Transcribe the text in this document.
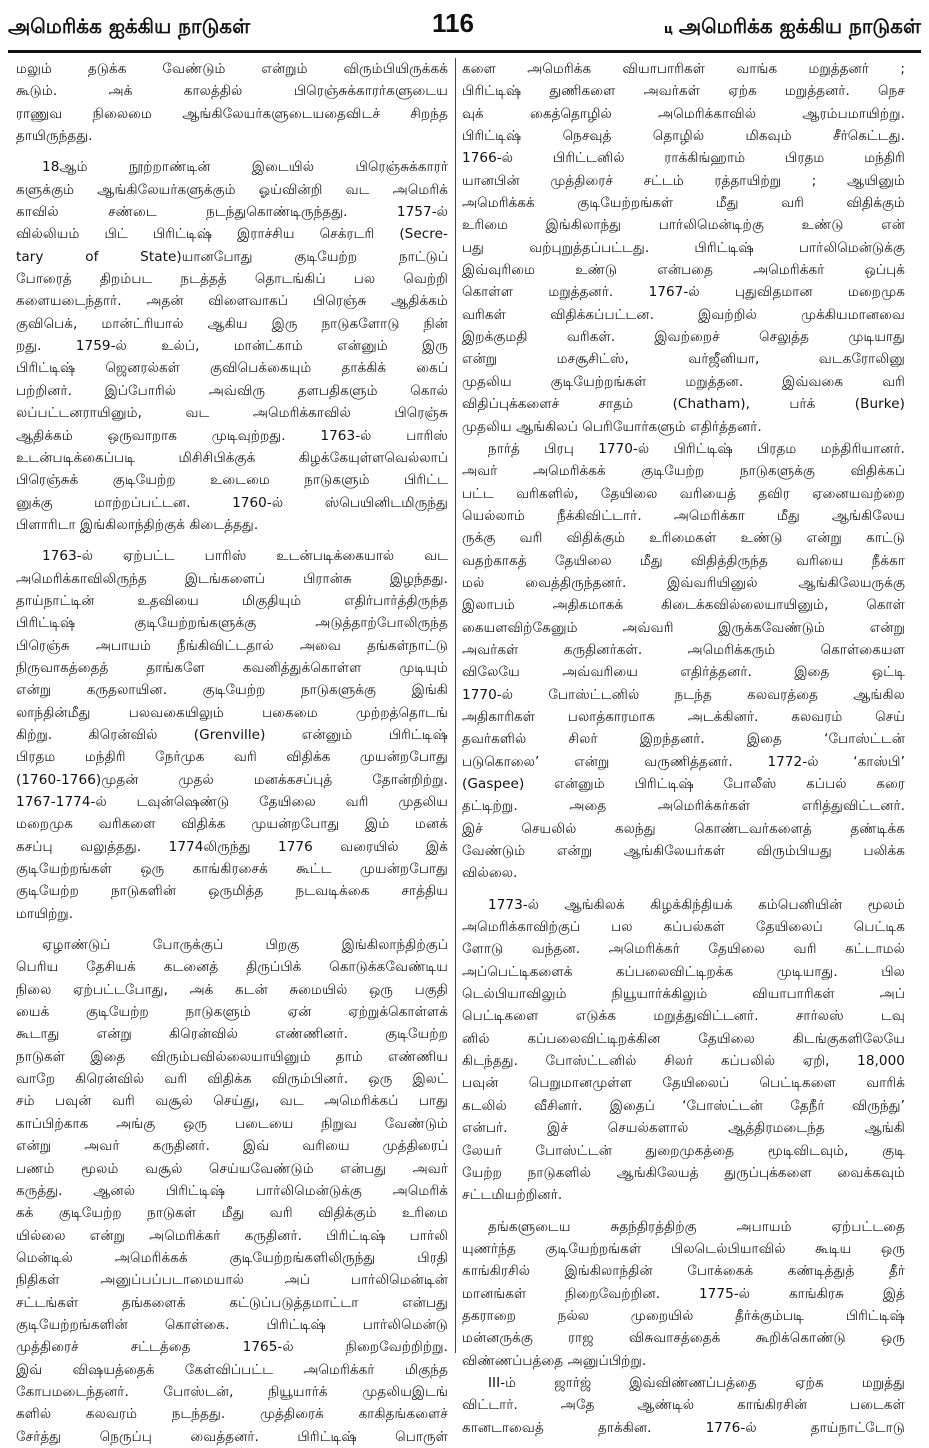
அமெரிக்க ஐக்கிய நாடுகள்	116	ц அமெரிக்க ஐக்கிய நாடுகள்
மலும் தடுக்க வேண்டும் என்றும் விரும்பியிருக்கக்
கூடும். அக் காலத்தில் பிரெஞ்சுக்காரர்களுடைய
ராணுவ நிலைமை ஆங்கிலேயர்களுடையதைவிடச் சிறந்த
தாயிருந்தது.
18ஆம் நூற்றாண்டின் இடையில் பிரெஞ்சுக்காரர்
களுக்கும் ஆங்கிலேயர்களுக்கும் ஓய்வின்றி வட அமெரிக்
காவில் சண்டை நடந்துகொண்டிருந்தது. 1757-ல்
வில்லியம் பிட் பிரிட்டிஷ் இராச்சிய செக்ரடரி (Secre-
tary of State)யானபோது குடியேற்ற நாட்டுப்
போரைத் திறம்பட நடத்தத் தொடங்கிப் பல வெற்றி
களையடைந்தார். அதன் விளைவாகப் பிரெஞ்சு ஆதிக்கம்
குவிபெக், மான்ட்ரியால் ஆகிய இரு நாடுகளோடு நின்
றது. 1759-ல் உல்ப், மான்ட்காம் என்னும் இரு
பிரிட்டிஷ் ஜெனரல்கள் குவிபெக்கையும் தாக்கிக் கைப்
பற்றினர். இப்போரில் அவ்விரு தளபதிகளும் கொல்
லப்பட்டனராயினும், வட அமெரிக்காவில் பிரெஞ்சு
ஆதிக்கம் ஒருவாறாக முடிவுற்றது. 1763-ல் பாரிஸ்
உடன்படிக்கைப்படி மிசிசிபிக்குக் கிழக்கேயுள்ளவெல்லாப்
பிரெஞ்சுக் குடியேற்ற உடைமை நாடுகளும் பிரிட்ட
னுக்கு மாற்றப்பட்டன. 1760-ல் ஸ்பெயினிடமிருந்து
பிளாரிடா இங்கிலாந்திற்குக் கிடைத்தது.
1763-ல் ஏற்பட்ட பாரிஸ் உடன்படிக்கையால் வட
அமெரிக்காவிலிருந்த இடங்களைப் பிரான்சு இழந்தது.
தாய்நாட்டின் உதவியை மிகுதியும் எதிர்பார்த்திருந்த
பிரிட்டிஷ் குடியேற்றங்களுக்கு அடுத்தாற்போலிருந்த
பிரெஞ்சு அபாயம் நீங்கிவிட்டதால் அவை தங்கள்நாட்டு
நிருவாகத்தைத் தாங்களே கவனித்துக்கொள்ள முடியும்
என்று கருதலாயின. குடியேற்ற நாடுகளுக்கு இங்கி
லாந்தின்மீது பலவகையிலும் பகைமை முற்றத்தொடங்
கிற்று. கிரென்வில் (Grenville) என்னும் பிரிட்டிஷ்
பிரதம மந்திரி நேர்முக வரி விதிக்க முயன்றபோது
(1760-1766)முதன் முதல் மனக்கசப்புத் தோன்றிற்று.
1767-1774-ல் டவுன்ஷெண்டு தேயிலை வரி முதலிய
மறைமுக வரிகளை விதிக்க முயன்றபோது இம் மனக்
கசப்பு வலுத்தது. 1774லிருந்து 1776 வரையில் இக்
குடியேற்றங்கள் ஒரு காங்கிரசைக் கூட்ட முயன்றபோது
குடியேற்ற நாடுகளின் ஒருமித்த நடவடிக்கை சாத்திய
மாயிற்று.
ஏழாண்டுப் போருக்குப் பிறகு இங்கிலாந்திற்குப்
பெரிய தேசியக் கடனைத் திருப்பிக் கொடுக்கவேண்டிய
நிலை ஏற்பட்டபோது, அக் கடன் சுமையில் ஒரு பகுதி
யைக் குடியேற்ற நாடுகளும் ஏன் ஏற்றுக்கொள்ளக்
கூடாது என்று கிரென்வில் எண்ணினர். குடியேற்ற
நாடுகள் இதை விரும்பவில்லையாயினும் தாம் எண்ணிய
வாறே கிரென்வில் வரி விதிக்க விரும்பினர். ஒரு இலட்
சம் பவுன் வரி வசூல் செய்து, வட அமெரிக்கப் பாது
காப்பிற்காக அங்கு ஒரு படையை நிறுவ வேண்டும்
என்று அவர் கருதினர். இவ் வரியை முத்திரைப்
பணம் மூலம் வசூல் செய்யவேண்டும் என்பது அவர்
கருத்து. ஆனல் பிரிட்டிஷ் பார்லிமென்டுக்கு அமெரிக்
கக் குடியேற்ற நாடுகள் மீது வரி விதிக்கும் உரிமை
யில்லை என்று அமெரிக்கர் கருதினர். பிரிட்டிஷ் பார்லி
மென்டில் அமெரிக்கக் குடியேற்றங்களிலிருந்து பிரதி
நிதிகள் அனுப்பப்படாமையால் அப் பார்லிமென்டின்
சட்டங்கள் தங்களைக் கட்டுப்படுத்தமாட்டா என்பது
குடியேற்றங்களின் கொள்கை. பிரிட்டிஷ் பார்லிமென்டு
முத்திரைச் சட்டத்தை 1765-ல் நிறைவேற்றிற்று.
இவ் விஷயத்தைக் கேள்விப்பட்ட அமெரிக்கர் மிகுந்த
கோபமடைந்தனர். போஸ்டன், நியூயார்க் முதலியஇடங்
களில் கலவரம் நடந்தது. முத்திரைக் காகிதங்களைச்
சேர்த்து நெருப்பு வைத்தனர். பிரிட்டிஷ் பொருள்
களை அமெரிக்க வியாபாரிகள் வாங்க மறுத்தனர் ;
பிரிட்டிஷ் துணிகளை அவர்கள் ஏற்க மறுத்தனர். நெச
வுக் கைத்தொழில் அமெரிக்காவில் ஆரம்பமாயிற்று.
பிரிட்டிஷ் நெசவுத் தொழில் மிகவும் சீர்கெட்டது.
1766-ல் பிரிட்டனில் ராக்கிங்ஹாம் பிரதம மந்திரி
யானபின் முத்திரைச் சட்டம் ரத்தாயிற்று ; ஆயினும்
அமெரிக்கக் குடியேற்றங்கள் மீது வரி விதிக்கும்
உரிமை இங்கிலாந்து பார்லிமென்டிற்கு உண்டு என்
பது வற்புறுத்தப்பட்டது. பிரிட்டிஷ் பார்லிமென்டுக்கு
இவ்வுரிமை உண்டு என்பதை அமெரிக்கர் ஒப்புக்
கொள்ள மறுத்தனர். 1767-ல் புதுவிதமான மறைமுக
வரிகள் விதிக்கப்பட்டன. இவற்றில் முக்கியமானவை
இறக்குமதி வரிகள். இவற்றைச் செலுத்த முடியாது
என்று மசசூசிட்ஸ், வர்ஜீனியா, வடகரோலினு
முதலிய குடியேற்றங்கள் மறுத்தன. இவ்வகை வரி
விதிப்புக்களைச் சாதம் (Chatham), பர்க் (Burke)
முதலிய ஆங்கிலப் பெரியோர்களும் எதிர்த்தனர்.
நார்த் பிரபு 1770-ல் பிரிட்டிஷ் பிரதம மந்திரியானர்.
அவர் அமெரிக்கக் குடியேற்ற நாடுகளுக்கு விதிக்கப்
பட்ட வரிகளில், தேயிலை வரியைத் தவிர ஏனையவற்றை
யெல்லாம் நீக்கிவிட்டார். அமெரிக்கா மீது ஆங்கிலேய
ருக்கு வரி விதிக்கும் உரிமைகள் உண்டு என்று காட்டு
வதற்காகத் தேயிலை மீது விதித்திருந்த வரியை நீக்கா
மல் வைத்திருந்தனர். இவ்வரியினுல் ஆங்கிலேயருக்கு
இலாபம் அதிகமாகக் கிடைக்கவில்லையாயினும், கொள்
கையளவிற்கேனும் அவ்வரி இருக்கவேண்டும் என்று
அவர்கள் கருதினர்கள். அமெரிக்கரும் கொள்கையள
விலேயே அவ்வரியை எதிர்த்தனர். இதை ஒட்டி
1770-ல் போஸ்ட்டனில் நடந்த கலவரத்தை ஆங்கில
அதிகாரிகள் பலாத்காரமாக அடக்கினர். கலவரம் செய்
தவர்களில் சிலர் இறந்தனர். இதை ‘போஸ்ட்டன்
படுகொலை’ என்று வருணித்தனர். 1772-ல் ‘காஸ்பி’
(Gaspee) என்னும் பிரிட்டிஷ் போலீஸ் கப்பல் கரை
தட்டிற்று. அதை அமெரிக்கர்கள் எரித்துவிட்டனர்.
இச் செயலில் கலந்து கொண்டவர்களைத் தண்டிக்க
வேண்டும் என்று ஆங்கிலேயர்கள் விரும்பியது பலிக்க
வில்லை.
1773-ல் ஆங்கிலக் கிழக்கிந்தியக் கம்பெனியின் மூலம்
அமெரிக்காவிற்குப் பல கப்பல்கள் தேயிலைப் பெட்டிக
ளோடு வந்தன. அமெரிக்கர் தேயிலை வரி கட்டாமல்
அப்பெட்டிகளைக் கப்பலைவிட்டிறக்க முடியாது. பில
டெல்பியாவிலும் நியூயார்க்கிலும் வியாபாரிகள் அப்
பெட்டிகளை எடுக்க மறுத்துவிட்டனர். சார்லஸ் டவு
னில் கப்பலைவிட்டிறக்கின தேயிலை கிடங்குகளிலேயே
கிடந்தது. போஸ்ட்டனில் சிலர் கப்பலில் ஏறி, 18,000
பவுன் பெறுமானமுள்ள தேயிலைப் பெட்டிகளை வாரிக்
கடலில் வீசினர். இதைப் ‘போஸ்ட்டன் தேநீர் விருந்து’
என்பர். இச் செயல்களால் ஆத்திரமடைந்த ஆங்கி
லேயர் போஸ்ட்டன் துறைமுகத்தை மூடிவிடவும், குடி
யேற்ற நாடுகளில் ஆங்கிலேயத் துருப்புக்களை வைக்கவும்
சட்டமியற்றினர்.
தங்களுடைய சுதந்திரத்திற்கு அபாயம் ஏற்பட்டதை
யுணர்ந்த குடியேற்றங்கள் பிலடெல்பியாவில் கூடிய ஒரு
காங்கிரசில் இங்கிலாந்தின் போக்கைக் கண்டித்துத் தீர்
மானங்கள் நிறைவேற்றின. 1775-ல் காங்கிரசு இத்
தகராறை நல்ல முறையில் தீர்க்கும்படி பிரிட்டிஷ்
மன்னருக்கு ராஜ விசுவாசத்தைக் கூறிக்கொண்டு ஒரு
விண்ணப்பத்தை அனுப்பிற்று.
III-ம் ஜார்ஜ் இவ்விண்ணப்பத்தை ஏற்க மறுத்து
விட்டார். அதே ஆண்டில் காங்கிரசின் படைகள்
கானடாவைத் தாக்கின. 1776-ல் தாய்நாட்டோடு
